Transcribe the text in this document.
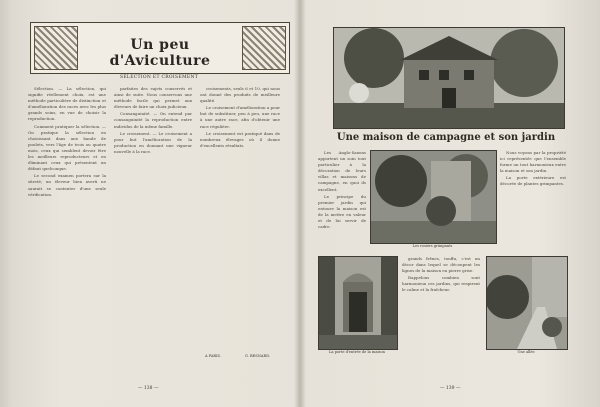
Un peu d'Aviculture
SÉLECTION ET CROISEMENT

Sélection. — La sélection, qui signifie réellement choix, est une méthode particulière de distinction et d'amélioration des races avec les plus grands soins, en vue de choisir la reproduction.

Comment pratiquer la sélection. — On pratique la sélection en choisissant dans une bande de poulets, vers l'âge de trois ou quatre mois, ceux qui semblent devoir être les meilleurs reproducteurs et en éliminant ceux qui présentent un défaut quelconque.

Le second examen portera sur la sûreté; un éleveur bien averti ne saurait se contenter d'une seule vérification.

parfaites des sujets conservés et ainsi de suite. Nous conservons une méthode facile qui permet aux éleveurs de faire un choix judicieux.

Consanguinité. — On entend par consanguinité la reproduction entre individus de la même famille.

Le croisement. — Le croisement a pour but l'amélioration de la production en donnant une vigueur nouvelle à la race.

croisements, seuls 6 et 10, qui nous ont donné des produits de meilleure qualité.

Le croisement d'amélioration a pour but de substituer, peu à peu, une race à une autre race, afin d'obtenir une race régulière.

Le croisement est pratiqué dans de nombreux élevages où il donne d'excellents résultats.

A PARIS.	G. BESNARD.
— 138 —
Une maison de campagne et son jardin
Les rosiers grimpants

Les Anglo-Saxons apportent un soin tout particulier à la décoration de leurs villas et maisons de campagne, en quoi ils excellent.

Le principe du premier jardin qui entoure la maison est de la mettre en valeur et de lui servir de cadre.

Nous voyons par la propriété ici représentée que l'ensemble forme un tout harmonieux entre la maison et son jardin.

La porte extérieure est décorée de plantes grimpantes.

La porte d'entrée de la maison

grands frênes, touffu, c'est un décor dans lequel se découpent les lignes de la maison en pierre grise.

Rappelons combien sont harmonieux ces jardins, qui respirent le calme et la fraîcheur.

Une allée
— 139 —
